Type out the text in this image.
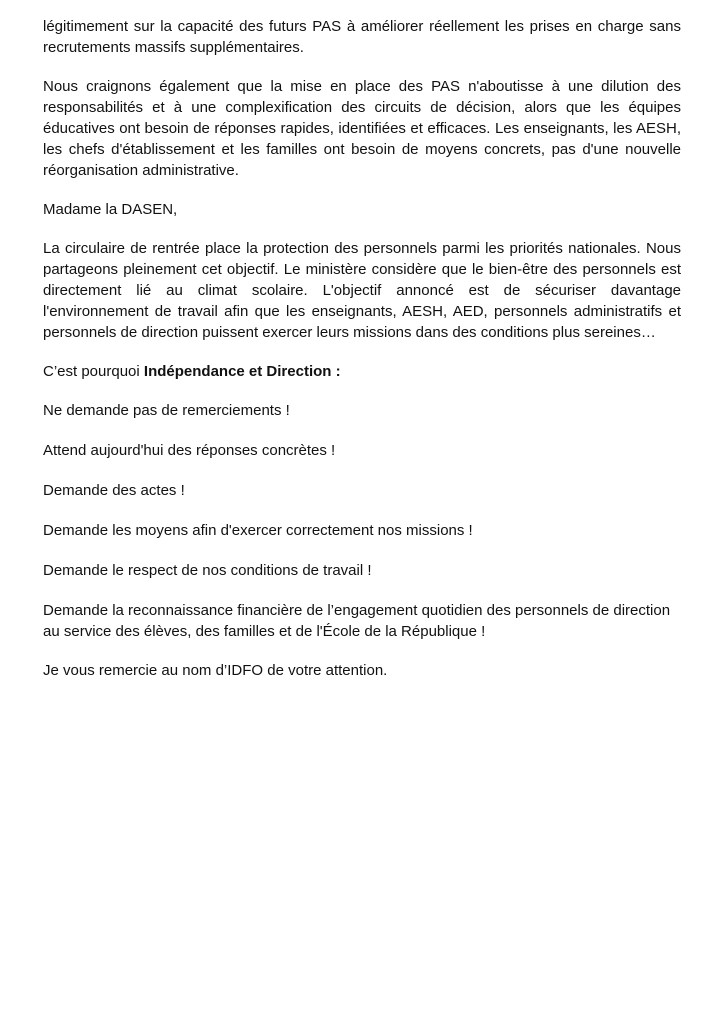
légitimement sur la capacité des futurs PAS à améliorer réellement les prises en charge sans recrutements massifs supplémentaires.

Nous craignons également que la mise en place des PAS n'aboutisse à une dilution des responsabilités et à une complexification des circuits de décision, alors que les équipes éducatives ont besoin de réponses rapides, identifiées et efficaces. Les enseignants, les AESH, les chefs d'établissement et les familles ont besoin de moyens concrets, pas d'une nouvelle réorganisation administrative.

Madame la DASEN,

La circulaire de rentrée place la protection des personnels parmi les priorités nationales. Nous partageons pleinement cet objectif. Le ministère considère que le bien-être des personnels est directement lié au climat scolaire. L'objectif annoncé est de sécuriser davantage l'environnement de travail afin que les enseignants, AESH, AED, personnels administratifs et personnels de direction puissent exercer leurs missions dans des conditions plus sereines…

C’est pourquoi Indépendance et Direction :

Ne demande pas de remerciements !

Attend aujourd'hui des réponses concrètes !

Demande des actes !

Demande les moyens afin d'exercer correctement nos missions !

Demande le respect de nos conditions de travail !

Demande la reconnaissance financière de l’engagement quotidien des personnels de direction au service des élèves, des familles et de l'École de la République !

Je vous remercie au nom d’IDFO de votre attention.
